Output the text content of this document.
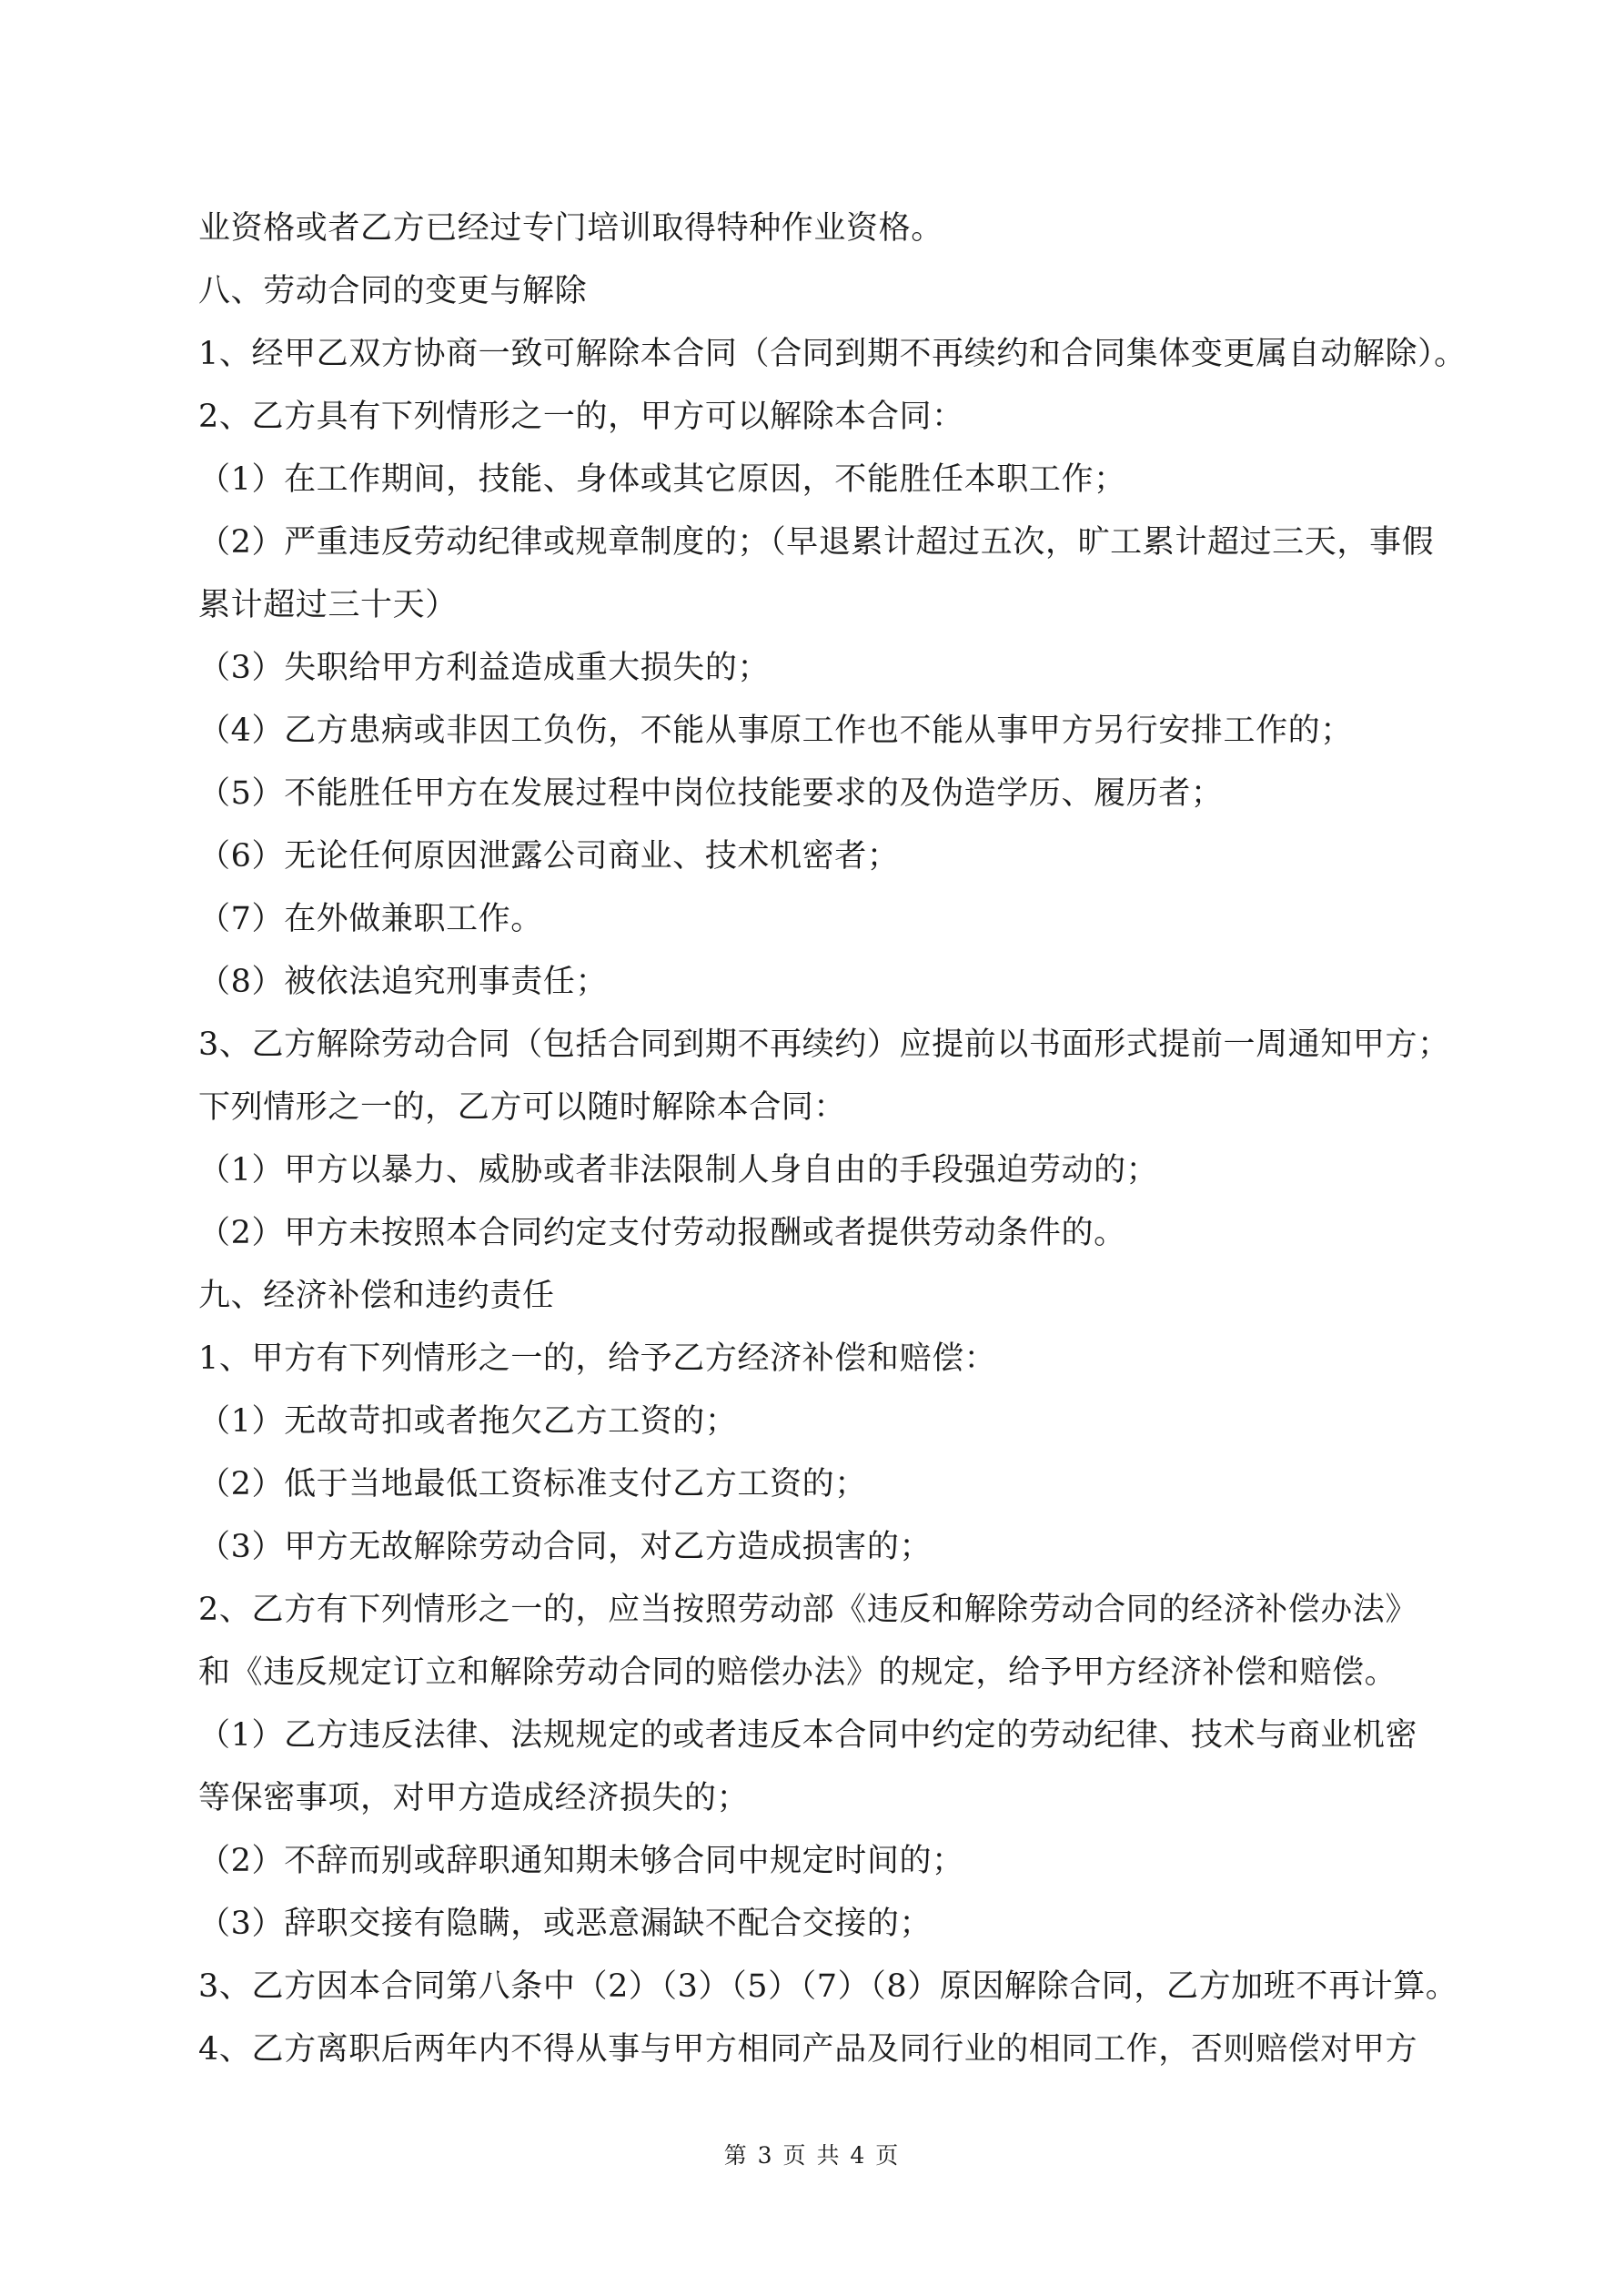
业资格或者乙方已经过专门培训取得特种作业资格。
八、劳动合同的变更与解除
1、经甲乙双方协商一致可解除本合同（合同到期不再续约和合同集体变更属自动解除）。
2、乙方具有下列情形之一的，甲方可以解除本合同：
（1）在工作期间，技能、身体或其它原因，不能胜任本职工作；
（2）严重违反劳动纪律或规章制度的；（早退累计超过五次，旷工累计超过三天，事假
累计超过三十天）
（3）失职给甲方利益造成重大损失的；
（4）乙方患病或非因工负伤，不能从事原工作也不能从事甲方另行安排工作的；
（5）不能胜任甲方在发展过程中岗位技能要求的及伪造学历、履历者；
（6）无论任何原因泄露公司商业、技术机密者；
（7）在外做兼职工作。
（8）被依法追究刑事责任；
3、乙方解除劳动合同（包括合同到期不再续约）应提前以书面形式提前一周通知甲方；
下列情形之一的，乙方可以随时解除本合同：
（1）甲方以暴力、威胁或者非法限制人身自由的手段强迫劳动的；
（2）甲方未按照本合同约定支付劳动报酬或者提供劳动条件的。
九、经济补偿和违约责任
1、甲方有下列情形之一的，给予乙方经济补偿和赔偿：
（1）无故苛扣或者拖欠乙方工资的；
（2）低于当地最低工资标准支付乙方工资的；
（3）甲方无故解除劳动合同，对乙方造成损害的；
2、乙方有下列情形之一的，应当按照劳动部《违反和解除劳动合同的经济补偿办法》
和《违反规定订立和解除劳动合同的赔偿办法》的规定，给予甲方经济补偿和赔偿。
（1）乙方违反法律、法规规定的或者违反本合同中约定的劳动纪律、技术与商业机密
等保密事项，对甲方造成经济损失的；
（2）不辞而别或辞职通知期未够合同中规定时间的；
（3）辞职交接有隐瞒，或恶意漏缺不配合交接的；
3、乙方因本合同第八条中（2）（3）（5）（7）（8）原因解除合同，乙方加班不再计算。
4、乙方离职后两年内不得从事与甲方相同产品及同行业的相同工作，否则赔偿对甲方
第 3 页 共 4 页
